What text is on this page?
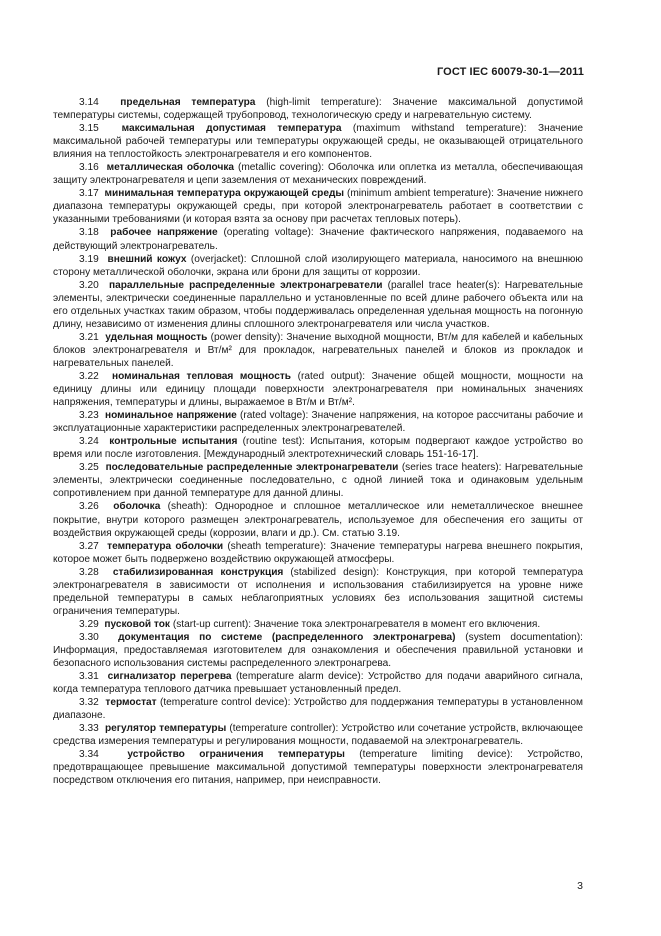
ГОСТ IEC 60079-30-1—2011

3.14 предельная температура (high-limit temperature): Значение максимальной допустимой температуры системы, содержащей трубопровод, технологическую среду и нагревательную систему.

3.15 максимальная допустимая температура (maximum withstand temperature): Значение максимальной рабочей температуры или температуры окружающей среды, не оказывающей отрицательного влияния на теплостойкость электронагревателя и его компонентов.

3.16 металлическая оболочка (metallic covering): Оболочка или оплетка из металла, обеспечивающая защиту электронагревателя и цепи заземления от механических повреждений.

3.17 минимальная температура окружающей среды (minimum ambient temperature): Значение нижнего диапазона температуры окружающей среды, при которой электронагреватель работает в соответствии с указанными требованиями (и которая взята за основу при расчетах тепловых потерь).

3.18 рабочее напряжение (operating voltage): Значение фактического напряжения, подаваемого на действующий электронагреватель.

3.19 внешний кожух (overjacket): Сплошной слой изолирующего материала, наносимого на внешнюю сторону металлической оболочки, экрана или брони для защиты от коррозии.

3.20 параллельные распределенные электронагреватели (parallel trace heater(s): Нагревательные элементы, электрически соединенные параллельно и установленные по всей длине рабочего объекта или на его отдельных участках таким образом, чтобы поддерживалась определенная удельная мощность на погонную длину, независимо от изменения длины сплошного электронагревателя или числа участков.

3.21 удельная мощность (power density): Значение выходной мощности, Вт/м для кабелей и кабельных блоков электронагревателя и Вт/м² для прокладок, нагревательных панелей и блоков из прокладок и нагревательных панелей.

3.22 номинальная тепловая мощность (rated output): Значение общей мощности, мощности на единицу длины или единицу площади поверхности электронагревателя при номинальных значениях напряжения, температуры и длины, выражаемое в Вт/м и Вт/м².

3.23 номинальное напряжение (rated voltage): Значение напряжения, на которое рассчитаны рабочие и эксплуатационные характеристики распределенных электронагревателей.

3.24 контрольные испытания (routine test): Испытания, которым подвергают каждое устройство во время или после изготовления. [Международный электротехнический словарь 151-16-17].

3.25 последовательные распределенные электронагреватели (series trace heaters): Нагревательные элементы, электрически соединенные последовательно, с одной линией тока и одинаковым удельным сопротивлением при данной температуре для данной длины.

3.26 оболочка (sheath): Однородное и сплошное металлическое или неметаллическое внешнее покрытие, внутри которого размещен электронагреватель, используемое для обеспечения его защиты от воздействия окружающей среды (коррозии, влаги и др.). См. статью 3.19.

3.27 температура оболочки (sheath temperature): Значение температуры нагрева внешнего покрытия, которое может быть подвержено воздействию окружающей атмосферы.

3.28 стабилизированная конструкция (stabilized design): Конструкция, при которой температура электронагревателя в зависимости от исполнения и использования стабилизируется на уровне ниже предельной температуры в самых неблагоприятных условиях без использования защитной системы ограничения температуры.

3.29 пусковой ток (start-up current): Значение тока электронагревателя в момент его включения.

3.30 документация по системе (распределенного электронагрева) (system documentation): Информация, предоставляемая изготовителем для ознакомления и обеспечения правильной установки и безопасного использования системы распределенного электронагрева.

3.31 сигнализатор перегрева (temperature alarm device): Устройство для подачи аварийного сигнала, когда температура теплового датчика превышает установленный предел.

3.32 термостат (temperature control device): Устройство для поддержания температуры в установленном диапазоне.

3.33 регулятор температуры (temperature controller): Устройство или сочетание устройств, включающее средства измерения температуры и регулирования мощности, подаваемой на электронагреватель.

3.34	устройство ограничения температуры (temperature limiting device): Устройство, предотвращающее превышение максимальной допустимой температуры поверхности электронагревателя посредством отключения его питания, например, при неисправности.

3
